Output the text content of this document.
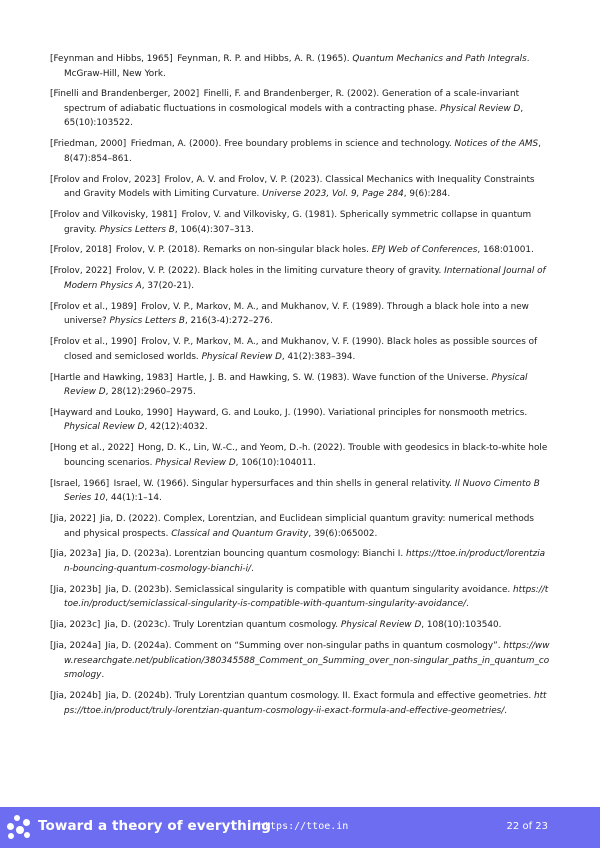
[Feynman and Hibbs, 1965]  Feynman, R. P. and Hibbs, A. R. (1965). Quantum Mechanics and Path Integrals. McGraw-Hill, New York.
[Finelli and Brandenberger, 2002]  Finelli, F. and Brandenberger, R. (2002). Generation of a scale-invariant spectrum of adiabatic fluctuations in cosmological models with a contracting phase. Physical Review D, 65(10):103522.
[Friedman, 2000]  Friedman, A. (2000). Free boundary problems in science and technology. Notices of the AMS, 8(47):854–861.
[Frolov and Frolov, 2023]  Frolov, A. V. and Frolov, V. P. (2023). Classical Mechanics with Inequality Constraints and Gravity Models with Limiting Curvature. Universe 2023, Vol. 9, Page 284, 9(6):284.
[Frolov and Vilkovisky, 1981]  Frolov, V. and Vilkovisky, G. (1981). Spherically symmetric collapse in quantum gravity. Physics Letters B, 106(4):307–313.
[Frolov, 2018]  Frolov, V. P. (2018). Remarks on non-singular black holes. EPJ Web of Conferences, 168:01001.
[Frolov, 2022]  Frolov, V. P. (2022). Black holes in the limiting curvature theory of gravity. International Journal of Modern Physics A, 37(20-21).
[Frolov et al., 1989]  Frolov, V. P., Markov, M. A., and Mukhanov, V. F. (1989). Through a black hole into a new universe? Physics Letters B, 216(3-4):272–276.
[Frolov et al., 1990]  Frolov, V. P., Markov, M. A., and Mukhanov, V. F. (1990). Black holes as possible sources of closed and semiclosed worlds. Physical Review D, 41(2):383–394.
[Hartle and Hawking, 1983]  Hartle, J. B. and Hawking, S. W. (1983). Wave function of the Universe. Physical Review D, 28(12):2960–2975.
[Hayward and Louko, 1990]  Hayward, G. and Louko, J. (1990). Variational principles for nonsmooth metrics. Physical Review D, 42(12):4032.
[Hong et al., 2022]  Hong, D. K., Lin, W.-C., and Yeom, D.-h. (2022). Trouble with geodesics in black-to-white hole bouncing scenarios. Physical Review D, 106(10):104011.
[Israel, 1966]  Israel, W. (1966). Singular hypersurfaces and thin shells in general relativity. Il Nuovo Cimento B Series 10, 44(1):1–14.
[Jia, 2022]  Jia, D. (2022). Complex, Lorentzian, and Euclidean simplicial quantum gravity: numerical methods and physical prospects. Classical and Quantum Gravity, 39(6):065002.
[Jia, 2023a]  Jia, D. (2023a). Lorentzian bouncing quantum cosmology: Bianchi I. https://ttoe.in/product/lorentzian-bouncing-quantum-cosmology-bianchi-i/.
[Jia, 2023b]  Jia, D. (2023b). Semiclassical singularity is compatible with quantum singularity avoidance. https://ttoe.in/product/semiclassical-singularity-is-compatible-with-quantum-singularity-avoidance/.
[Jia, 2023c]  Jia, D. (2023c). Truly Lorentzian quantum cosmology. Physical Review D, 108(10):103540.
[Jia, 2024a]  Jia, D. (2024a). Comment on “Summing over non-singular paths in quantum cosmology”. https://www.researchgate.net/publication/380345588_Comment_on_Summing_over_non-singular_paths_in_quantum_cosmology.
[Jia, 2024b]  Jia, D. (2024b). Truly Lorentzian quantum cosmology. II. Exact formula and effective geometries. https://ttoe.in/product/truly-lorentzian-quantum-cosmology-ii-exact-formula-and-effective-geometries/.
Toward a theory of everything
https://ttoe.in	22 of 23
